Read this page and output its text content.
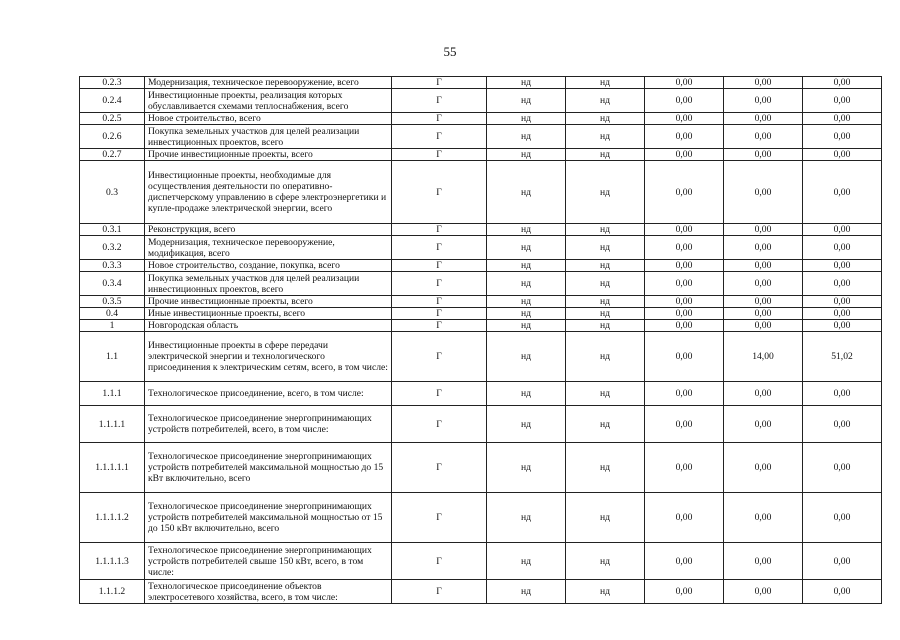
55
0.2.3	Модернизация, техническое перевооружение, всего	Г	нд	нд	0,00	0,00	0,00
0.2.4	Инвестиционные проекты, реализация которых обуславливается схемами теплоснабжения, всего	Г	нд	нд	0,00	0,00	0,00
0.2.5	Новое строительство, всего	Г	нд	нд	0,00	0,00	0,00
0.2.6	Покупка земельных участков для целей реализации инвестиционных проектов, всего	Г	нд	нд	0,00	0,00	0,00
0.2.7	Прочие инвестиционные проекты, всего	Г	нд	нд	0,00	0,00	0,00
0.3	Инвестиционные проекты, необходимые для осуществления деятельности по оперативно-диспетчерскому управлению в сфере электроэнергетики и купле-продаже электрической энергии, всего	Г	нд	нд	0,00	0,00	0,00
0.3.1	Реконструкция, всего	Г	нд	нд	0,00	0,00	0,00
0.3.2	Модернизация, техническое перевооружение, модификация, всего	Г	нд	нд	0,00	0,00	0,00
0.3.3	Новое строительство, создание, покупка, всего	Г	нд	нд	0,00	0,00	0,00
0.3.4	Покупка земельных участков для целей реализации инвестиционных проектов, всего	Г	нд	нд	0,00	0,00	0,00
0.3.5	Прочие инвестиционные проекты, всего	Г	нд	нд	0,00	0,00	0,00
0.4	Иные инвестиционные проекты, всего	Г	нд	нд	0,00	0,00	0,00
1	Новгородская область	Г	нд	нд	0,00	0,00	0,00
1.1	Инвестиционные проекты в сфере передачи электрической энергии и технологического присоединения к электрическим сетям, всего, в том числе:	Г	нд	нд	0,00	14,00	51,02
1.1.1	Технологическое присоединение, всего, в том числе:	Г	нд	нд	0,00	0,00	0,00
1.1.1.1	Технологическое присоединение энергопринимающих устройств потребителей, всего, в том числе:	Г	нд	нд	0,00	0,00	0,00
1.1.1.1.1	Технологическое присоединение энергопринимающих устройств потребителей максимальной мощностью до 15 кВт включительно, всего	Г	нд	нд	0,00	0,00	0,00
1.1.1.1.2	Технологическое присоединение энергопринимающих устройств потребителей максимальной мощностью от 15 до 150 кВт включительно, всего	Г	нд	нд	0,00	0,00	0,00
1.1.1.1.3	Технологическое присоединение энергопринимающих устройств потребителей свыше 150 кВт, всего, в том числе:	Г	нд	нд	0,00	0,00	0,00
1.1.1.2	Технологическое присоединение объектов электросетевого хозяйства, всего, в том числе:	Г	нд	нд	0,00	0,00	0,00
